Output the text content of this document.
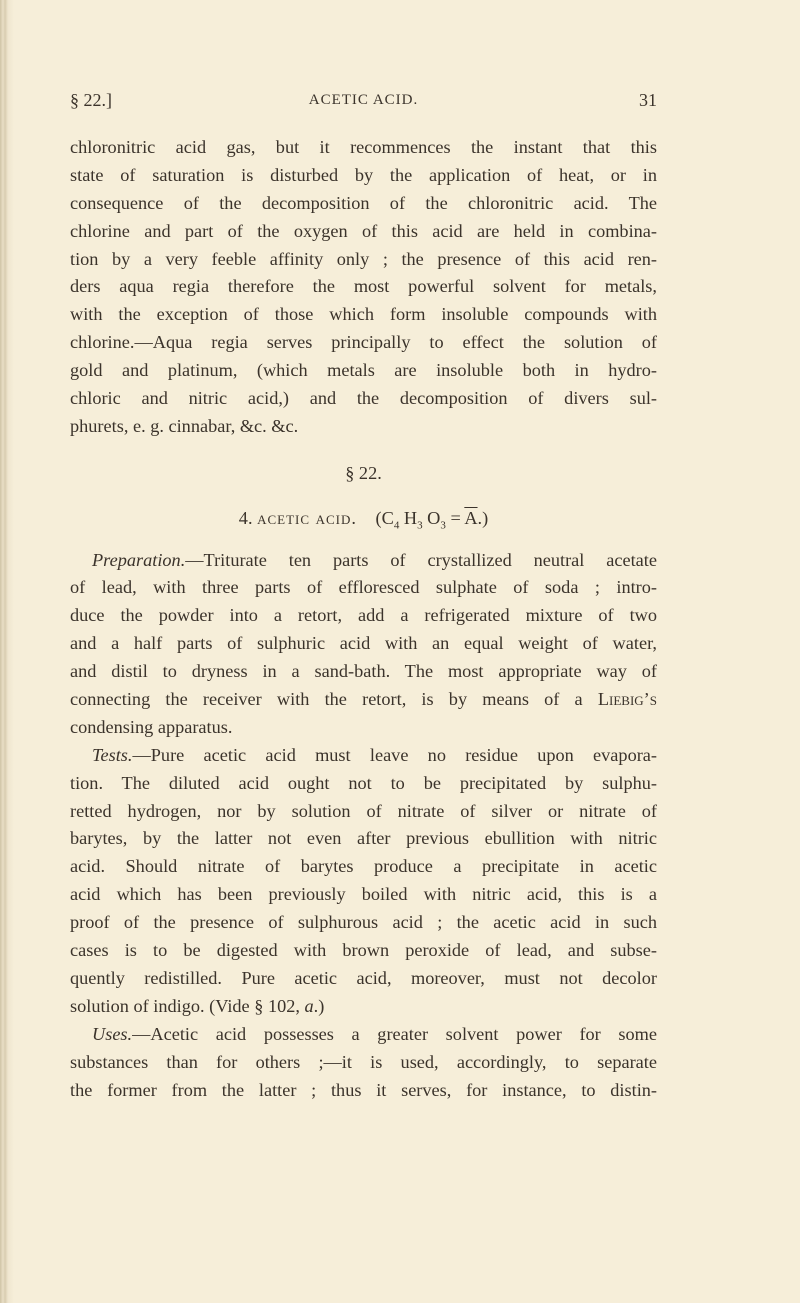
§ 22.]	ACETIC ACID.	31
chloronitric acid gas, but it recommences the instant that this
state of saturation is disturbed by the application of heat, or in
consequence of the decomposition of the chloronitric acid. The
chlorine and part of the oxygen of this acid are held in combina-
tion by a very feeble affinity only ; the presence of this acid ren-
ders aqua regia therefore the most powerful solvent for metals,
with the exception of those which form insoluble compounds with
chlorine.—Aqua regia serves principally to effect the solution of
gold and platinum, (which metals are insoluble both in hydro-
chloric and nitric acid,) and the decomposition of divers sul-
phurets, e. g. cinnabar, &c. &c.
§ 22.
4. acetic acid. ($C_4$ $H_3$ $O_3 = \overline{A}$.)
Preparation.—Triturate ten parts of crystallized neutral acetate
of lead, with three parts of effloresced sulphate of soda ; intro-
duce the powder into a retort, add a refrigerated mixture of two
and a half parts of sulphuric acid with an equal weight of water,
and distil to dryness in a sand-bath. The most appropriate way of
connecting the receiver with the retort, is by means of a Liebig’s
condensing apparatus.
Tests.—Pure acetic acid must leave no residue upon evapora-
tion. The diluted acid ought not to be precipitated by sulphu-
retted hydrogen, nor by solution of nitrate of silver or nitrate of
barytes, by the latter not even after previous ebullition with nitric
acid. Should nitrate of barytes produce a precipitate in acetic
acid which has been previously boiled with nitric acid, this is a
proof of the presence of sulphurous acid ; the acetic acid in such
cases is to be digested with brown peroxide of lead, and subse-
quently redistilled. Pure acetic acid, moreover, must not decolor
solution of indigo. (Vide § 102, a.)
Uses.—Acetic acid possesses a greater solvent power for some
substances than for others ;—it is used, accordingly, to separate
the former from the latter ; thus it serves, for instance, to distin-
